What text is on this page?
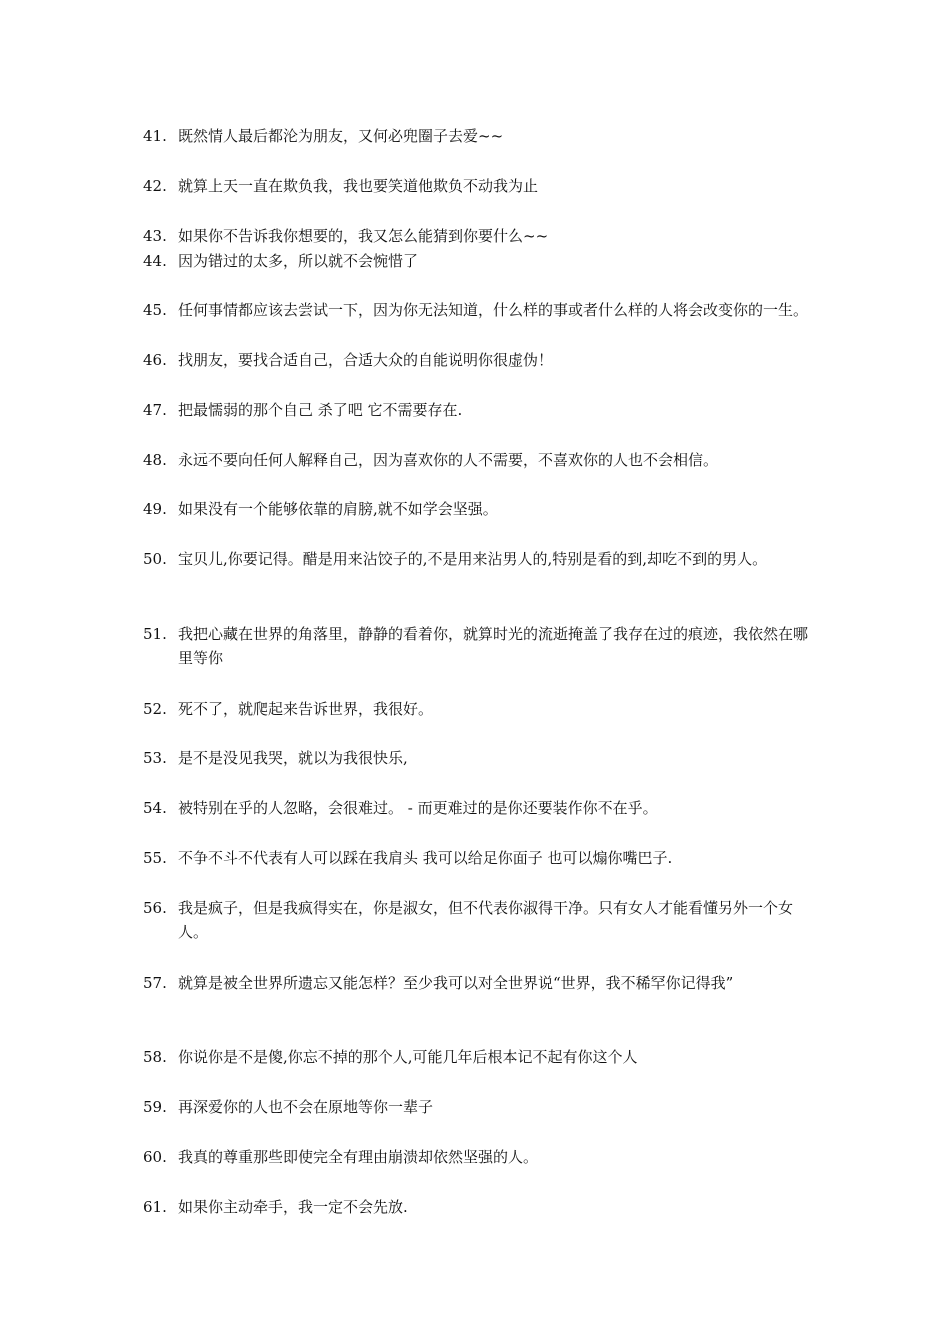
41. 既然情人最后都沦为朋友，又何必兜圈子去爱~~
42. 就算上天一直在欺负我，我也要笑道他欺负不动我为止
43. 如果你不告诉我你想要的，我又怎么能猜到你要什么~~
44. 因为错过的太多，所以就不会惋惜了
45. 任何事情都应该去尝试一下，因为你无法知道，什么样的事或者什么样的人将会改变你的一生。
46. 找朋友，要找合适自己，合适大众的自能说明你很虚伪！
47. 把最懦弱的那个自己 杀了吧 它不需要存在.
48. 永远不要向任何人解释自己，因为喜欢你的人不需要，不喜欢你的人也不会相信。
49. 如果没有一个能够依靠的肩膀,就不如学会坚强。
50. 宝贝儿,你要记得。醋是用来沾饺子的,不是用来沾男人的,特别是看的到,却吃不到的男人。
51. 我把心藏在世界的角落里，静静的看着你，就算时光的流逝掩盖了我存在过的痕迹，我依然在哪里等你
52. 死不了，就爬起来告诉世界，我很好。
53. 是不是没见我哭，就以为我很快乐,
54. 被特别在乎的人忽略，会很难过。 - 而更难过的是你还要装作你不在乎。
55. 不争不斗不代表有人可以踩在我肩头 我可以给足你面子 也可以煽你嘴巴子.
56. 我是疯子，但是我疯得实在，你是淑女，但不代表你淑得干净。只有女人才能看懂另外一个女人。
57. 就算是被全世界所遗忘又能怎样？至少我可以对全世界说“世界，我不稀罕你记得我”
58. 你说你是不是傻,你忘不掉的那个人,可能几年后根本记不起有你这个人
59. 再深爱你的人也不会在原地等你一辈子
60. 我真的尊重那些即使完全有理由崩溃却依然坚强的人。
61. 如果你主动牵手，我一定不会先放.
